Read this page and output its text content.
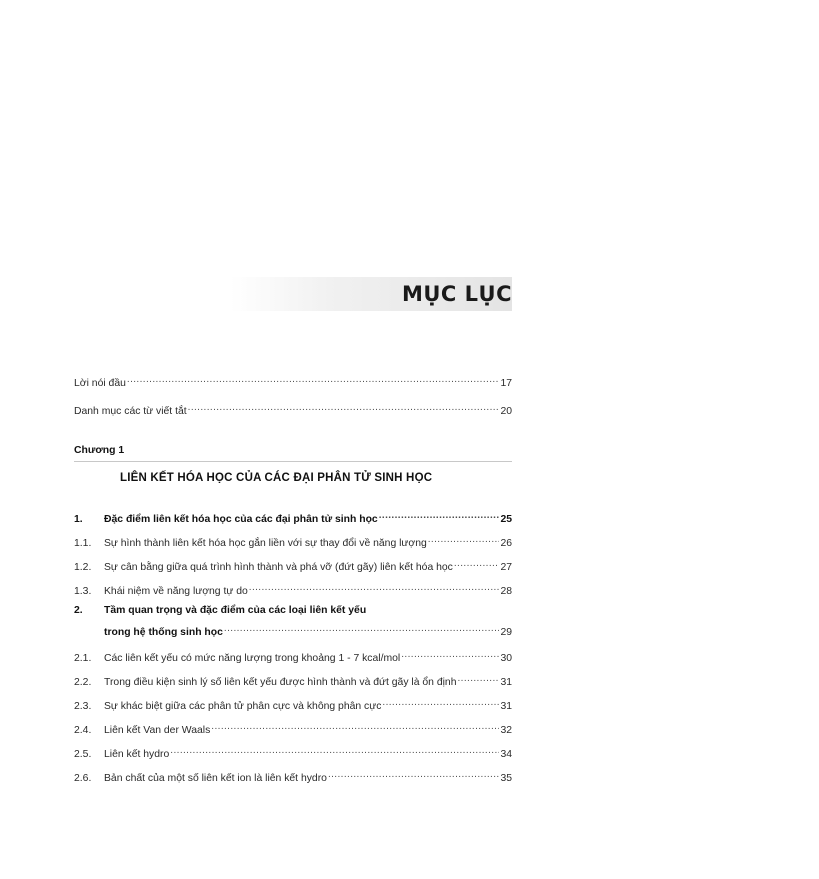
MỤC LỤC
Lời nói đầu .....	17
Danh mục các từ viết tắt .....	20
Chương 1
LIÊN KẾT HÓA HỌC CỦA CÁC ĐẠI PHÂN TỬ SINH HỌC
1.	Đặc điểm liên kết hóa học của các đại phân tử sinh học .....	25
1.1.	Sự hình thành liên kết hóa học gắn liền với sự thay đổi về năng lượng .....	26
1.2.	Sự cân bằng giữa quá trình hình thành và phá vỡ (đứt gãy) liên kết hóa học .....	27
1.3.	Khái niệm về năng lượng tự do .....	28
2.	Tầm quan trọng và đặc điểm của các loại liên kết yếu
trong hệ thống sinh học .....	29
2.1.	Các liên kết yếu có mức năng lượng trong khoảng 1 - 7 kcal/mol .....	30
2.2.	Trong điều kiện sinh lý số liên kết yếu được hình thành và đứt gãy là ổn định .....	31
2.3.	Sự khác biệt giữa các phân tử phân cực và không phân cực .....	31
2.4.	Liên kết Van der Waals .....	32
2.5.	Liên kết hydro .....	34
2.6.	Bản chất của một số liên kết ion là liên kết hydro .....	35
